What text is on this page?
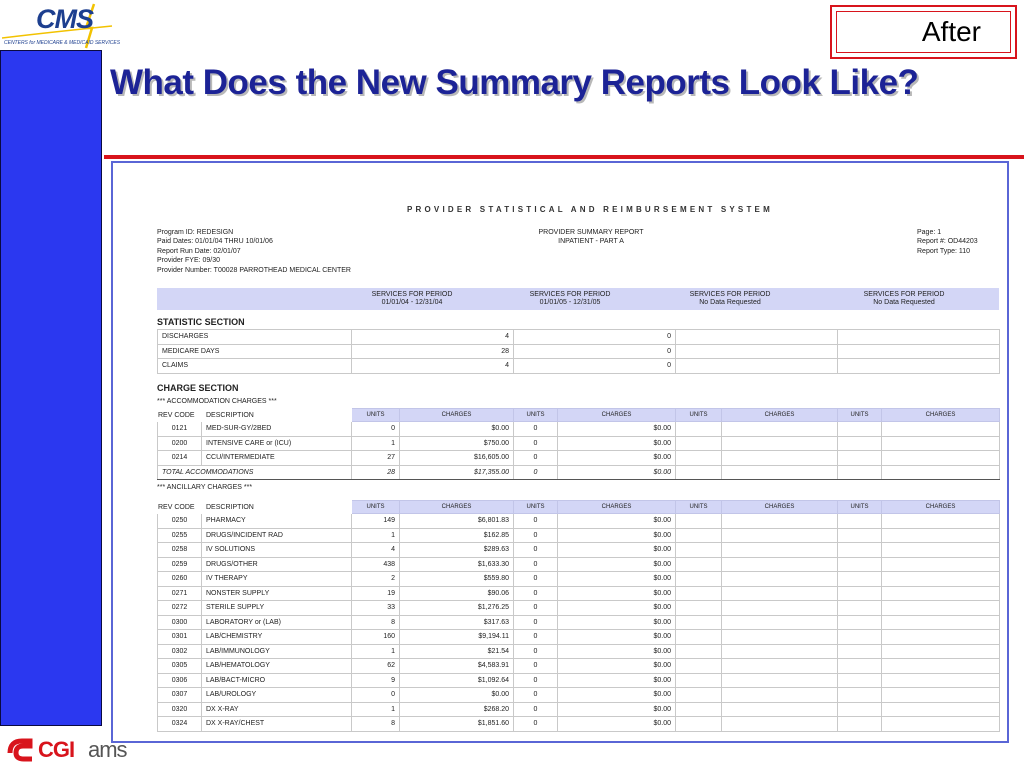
CMS
CENTERS for MEDICARE & MEDICAID SERVICES	After
What Does the New Summary Reports Look Like?
PROVIDER STATISTICAL AND REIMBURSEMENT SYSTEM
Program ID: REDESIGN
Paid Dates: 01/01/04 THRU 10/01/06
Report Run Date: 02/01/07
Provider FYE: 09/30
Provider Number: T00028 PARROTHEAD MEDICAL CENTER
PROVIDER SUMMARY REPORT
INPATIENT - PART A
Page: 1
Report #: OD44203
Report Type: 110
SERVICES FOR PERIOD
01/01/04 - 12/31/04
SERVICES FOR PERIOD
01/01/05 - 12/31/05
SERVICES FOR PERIOD
No Data Requested
SERVICES FOR PERIOD
No Data Requested
STATISTIC SECTION
DISCHARGES	4	0		
MEDICARE DAYS	28	0		
CLAIMS	4	0		
CHARGE SECTION
*** ACCOMMODATION CHARGES ***
REV CODE	DESCRIPTION	UNITS	CHARGES	UNITS	CHARGES	UNITS	CHARGES	UNITS	CHARGES
0121	MED-SUR-GY/2BED	0	$0.00	0	$0.00				
0200	INTENSIVE CARE or (ICU)	1	$750.00	0	$0.00				
0214	CCU/INTERMEDIATE	27	$16,605.00	0	$0.00				
TOTAL ACCOMMODATIONS		28	$17,355.00	0	$0.00				
*** ANCILLARY CHARGES ***
REV CODE	DESCRIPTION	UNITS	CHARGES	UNITS	CHARGES	UNITS	CHARGES	UNITS	CHARGES
0250	PHARMACY	149	$6,801.83	0	$0.00				
0255	DRUGS/INCIDENT RAD	1	$162.85	0	$0.00				
0258	IV SOLUTIONS	4	$289.63	0	$0.00				
0259	DRUGS/OTHER	438	$1,633.30	0	$0.00				
0260	IV THERAPY	2	$559.80	0	$0.00				
0271	NONSTER SUPPLY	19	$90.06	0	$0.00				
0272	STERILE SUPPLY	33	$1,276.25	0	$0.00				
0300	LABORATORY or (LAB)	8	$317.63	0	$0.00				
0301	LAB/CHEMISTRY	160	$9,194.11	0	$0.00				
0302	LAB/IMMUNOLOGY	1	$21.54	0	$0.00				
0305	LAB/HEMATOLOGY	62	$4,583.91	0	$0.00				
0306	LAB/BACT-MICRO	9	$1,092.64	0	$0.00				
0307	LAB/UROLOGY	0	$0.00	0	$0.00				
0320	DX X-RAY	1	$268.20	0	$0.00				
0324	DX X-RAY/CHEST	8	$1,851.60	0	$0.00				
CGI ams
